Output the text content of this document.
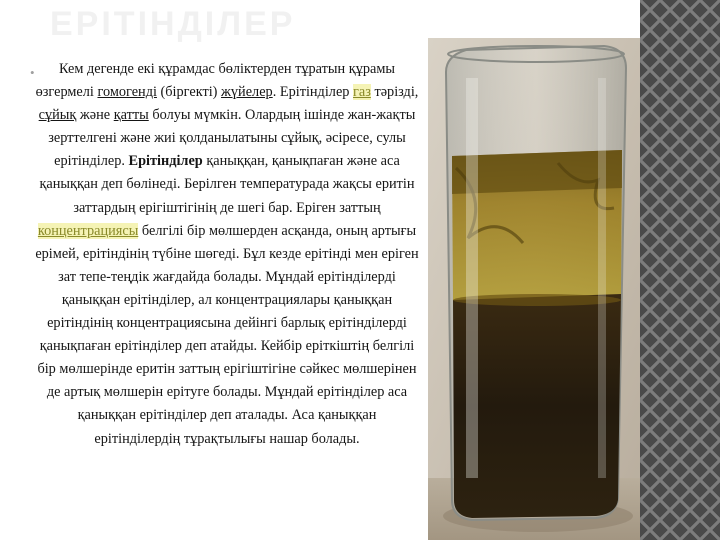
ЕРІТІНДІЛЕР
•	Кем дегенде екі құрамдас бөліктерден тұратын құрамы өзгермелі гомогенді (біргекті) жүйелер. Ерітінділер газ тәрізді, сұйық және қатты болуы мүмкін. Олардың ішінде жан-жақты зерттелгені және жиі қолданылатыны сұйық, әсіресе, сулы ерітінділер. Ерітінділер қаныққан, қанықпаған және аса қаныққан деп бөлінеді. Берілген температурада жақсы еритін заттардың ерігіштігінің де шегі бар. Еріген заттың концентрациясы белгілі бір мөлшерден асқанда, оның артығы ерімей, ерітіндінің түбіне шөгеді. Бұл кезде ерітінді мен еріген зат тепе-теңдік жағдайда болады. Мұндай ерітінділерді қаныққан ерітінділер, ал концентрациялары қаныққан ерітіндінің концентрациясына дейінгі барлық ерітінділерді қанықпаған ерітінділер деп атайды. Кейбір еріткіштің белгілі бір мөлшерінде еритін заттың ерігіштігіне сәйкес мөлшерінен де артық мөлшерін ерітуге болады. Мұндай ерітінділер аса қаныққан ерітінділер деп аталады. Аса қаныққан ерітінділердің тұрақтылығы нашар болады.
